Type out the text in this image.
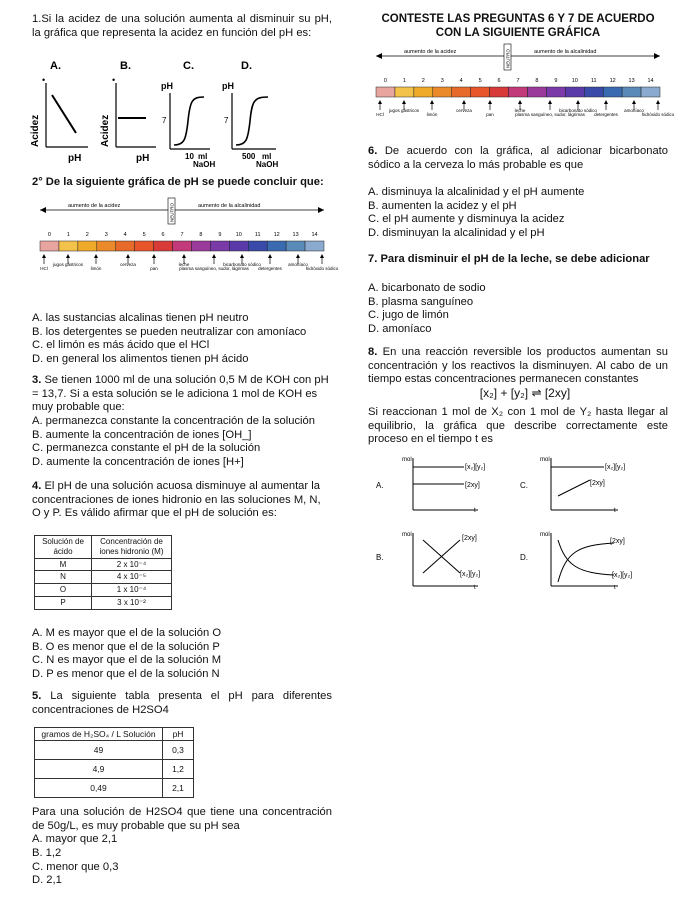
1.Si la acidez de una solución aumenta al disminuir su pH, la gráfica que representa la acidez en función del pH es:

A.	B.	C.	D.
•
Acidez
pH
•
Acidez
pH
pH
7
10 ml
NaOH
pH
7
500 ml
NaOH

2° De la siguiente gráfica de pH se puede concluir que:

aumento de la acidez	aumento de la alcalinidad
NEUTRO
0	1	2	3	4	5	6	7	8	9	10 11 12 13 14
HCl
jugos gástricos
limón
cerveza
pan
leche
plasma sanguíneo, sudor, lágrimas
bicarbonato sódico
detergentes
amoníaco
hidróxido sódico

A. las sustancias alcalinas tienen pH neutro

B. los detergentes se pueden neutralizar con amoníaco

C. el limón es más ácido que el HCl

D. en general los alimentos tienen pH ácido

3. Se tienen 1000 ml de una solución 0,5 M de KOH con pH = 13,7. Si a esta solución se le adiciona 1 mol de KOH es muy probable que:

A. permanezca constante la concentración de la solución

B. aumente la concentración de iones [OH_]

C. permanezca constante el pH de la solución

D. aumente la concentración de iones [H+]

4. El pH de una solución acuosa disminuye al aumentar la concentraciones de iones hidronio en las soluciones M, N, O y P. Es válido afirmar que el pH de solución es:

Solución de ácido	Concentración de iones hidronio (M)
M	2 x 10⁻⁴
N	4 x 10⁻⁵
O	1 x 10⁻⁴
P	3 x 10⁻²

A. M es mayor que el de la solución O

B. O es menor que el de la solución P

C. N es mayor que el de la solución M

D. P es menor que el de la solución N

5. La siguiente tabla presenta el pH para diferentes concentraciones de H2SO4

gramos de H₂SO₄ / L Solución	pH
49	0,3
4,9	1,2
0,49	2,1

Para una solución de H2SO4 que tiene una concentración de 50g/L, es muy probable que su pH sea

A. mayor que 2,1

B. 1,2

C. menor que 0,3

D. 2,1

CONTESTE LAS PREGUNTAS 6 Y 7 DE ACUERDO CON LA SIGUIENTE GRÁFICA
aumento de la acidez	aumento de la alcalinidad
NEUTRO
0	1	2	3	4	5	6	7	8	9	10 11 12 13 14
HCl
jugos gástricos
limón
cerveza
pan
leche
plasma sanguíneo, sudor, lágrimas
bicarbonato sódico
detergentes
amoníaco
hidróxido sódico

6. De acuerdo con la gráfica, al adicionar bicarbonato sódico a la cerveza lo más probable es que

A. disminuya la alcalinidad y el pH aumente

B. aumenten la acidez y el pH

C. el pH aumente y disminuya la acidez

D. disminuyan la alcalinidad y el pH

7. Para disminuir el pH de la leche, se debe adicionar

A. bicarbonato de sodio

B. plasma sanguíneo

C. jugo de limón

D. amoníaco

8. En una reacción reversible los productos aumentan su concentración y los reactivos la disminuyen. Al cabo de un tiempo estas concentraciones permanecen constantes

[x₂] + [y₂] ⇌ [2xy]

Si reaccionan 1 mol de X₂ con 1 mol de Y₂ hasta llegar al equilibrio, la gráfica que describe correctamente este proceso en el tiempo t es

A.
mol
[x₂][y₂]
[2xy]
t
C.
mol
[x₂][y₂]
[2xy]
t
B.
mol	[2xy]
[x₂][y₂]
t
D.
mol
[2xy]
[x₂][y₂]
t
